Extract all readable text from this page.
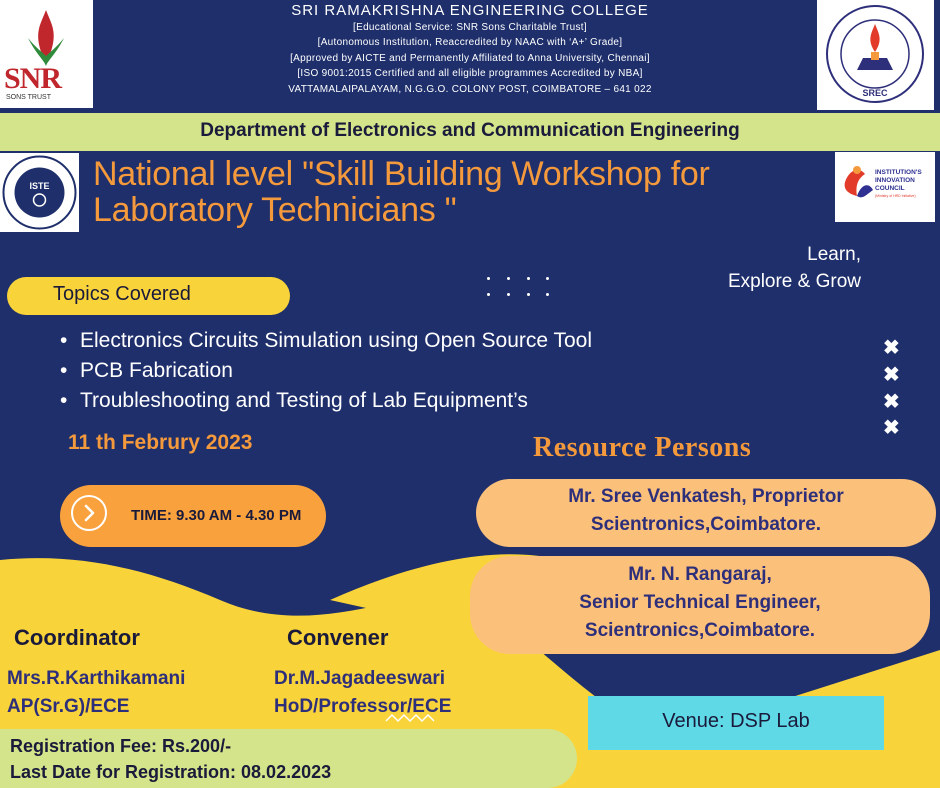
SNR
SONS TRUST
SRI RAMAKRISHNA ENGINEERING COLLEGE
[Educational Service: SNR Sons Charitable Trust]
[Autonomous Institution, Reaccredited by NAAC with ‘A+’ Grade]
[Approved by AICTE and Permanently Affiliated to Anna University, Chennai]
[ISO 9001:2015 Certified and all eligible programmes Accredited by NBA]
VATTAMALAIPALAYAM, N.G.G.O. COLONY POST, COIMBATORE – 641 022	SREC
Department of Electronics and Communication Engineering
ISTE National level "Skill Building Workshop for
Laboratory Technicians "
INSTITUTION'S
INNOVATION
COUNCIL
(Ministry of HRD Initiative)
Learn,
Explore & Grow
Topics Covered
• Electronics Circuits Simulation using Open Source Tool
• PCB Fabrication
• Troubleshooting and Testing of Lab Equipment’s
✖
✖
✖
✖
11 th Februry 2023	Resource Persons
TIME: 9.30 AM - 4.30 PM
Mr. Sree Venkatesh, Proprietor
Scientronics,Coimbatore.
Mr. N. Rangaraj,
Senior Technical Engineer,
Scientronics,Coimbatore.
Coordinator	Convener
Mrs.R.Karthikamani
AP(Sr.G)/ECE
Dr.M.Jagadeeswari
HoD/Professor/ECE
Venue: DSP Lab
Registration Fee: Rs.200/-
Last Date for Registration: 08.02.2023
